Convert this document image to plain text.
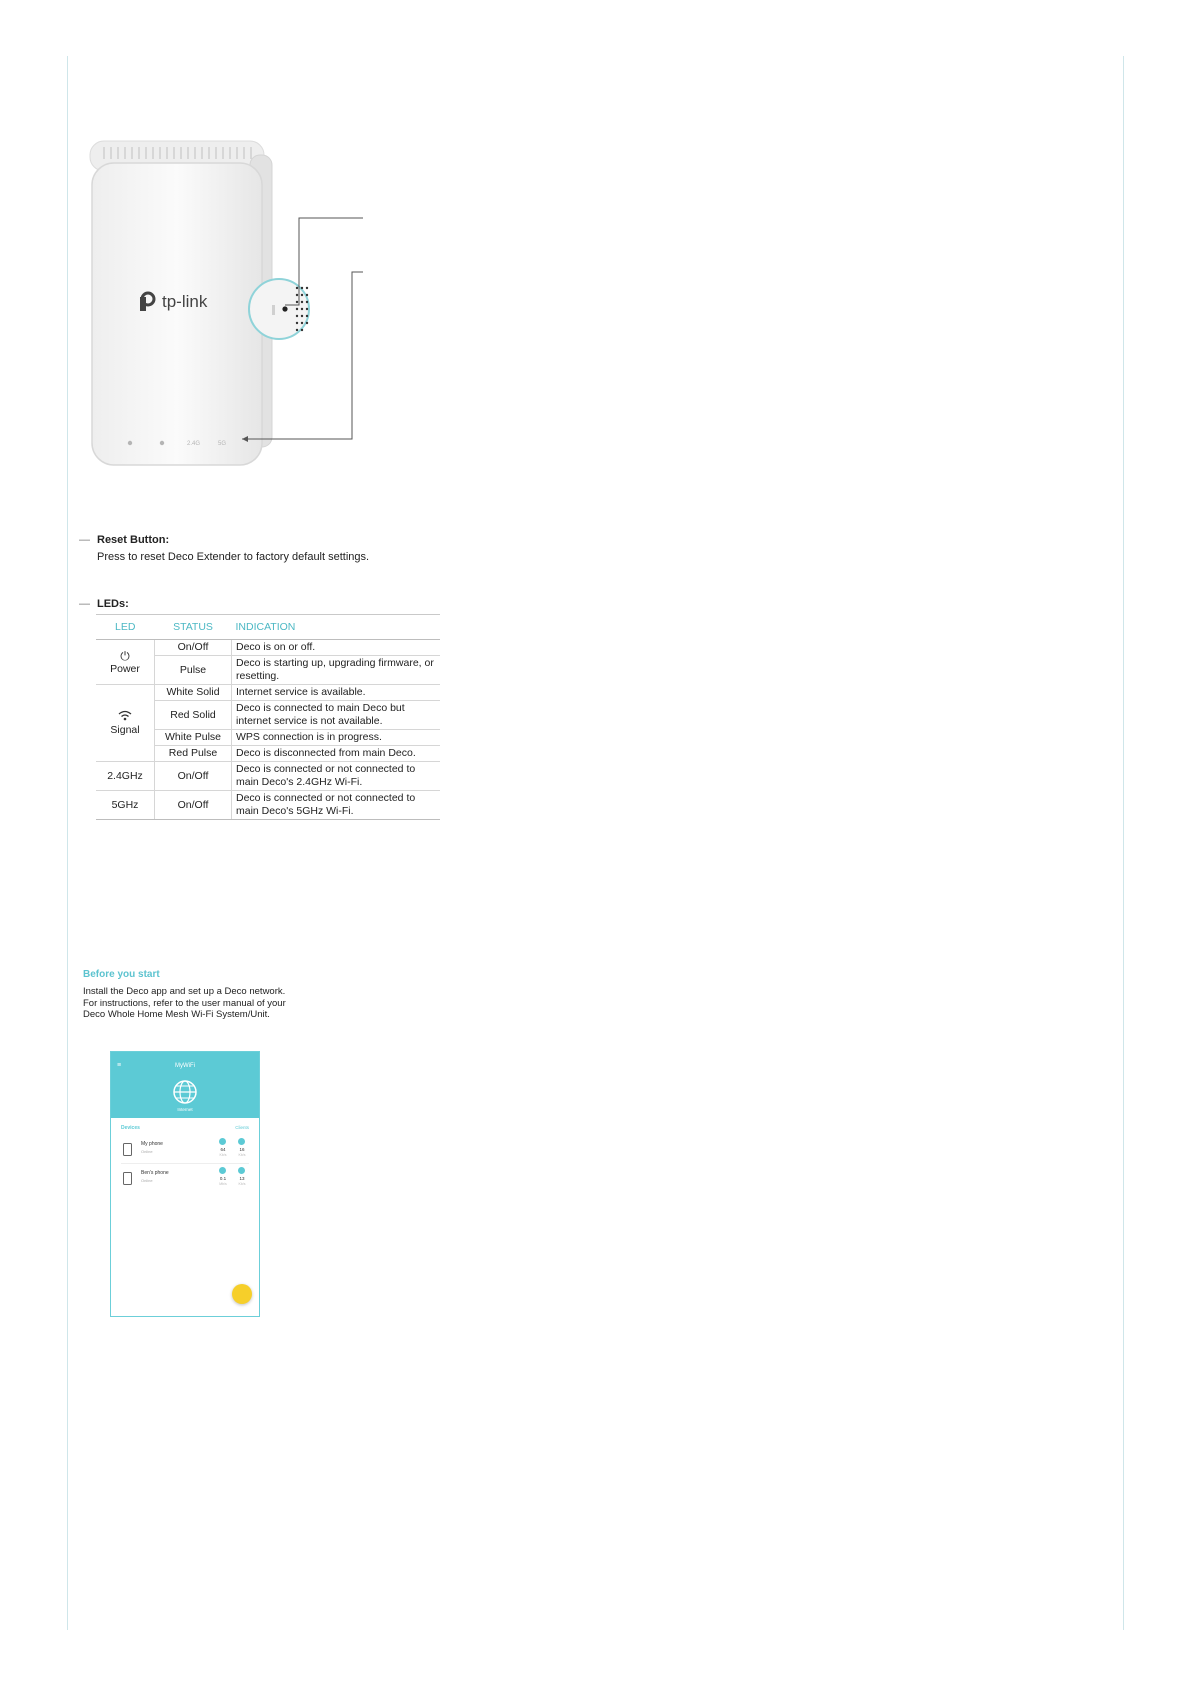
tp-link
2.4G	5G
— Reset Button:
Press to reset Deco Extender to factory default settings.
— LEDs:
LED	STATUS	INDICATION

⏻
Power	On/Off	Deco is on or off.
	Pulse	Deco is starting up, upgrading firmware, or resetting.

Signal	White Solid	Internet service is available.
	Red Solid	Deco is connected to main Deco but internet service is not available.
	White Pulse	WPS connection is in progress.
	Red Pulse	Deco is disconnected from main Deco.
2.4GHz	On/Off	Deco is connected or not connected to main Deco's 2.4GHz Wi-Fi.
5GHz	On/Off	Deco is connected or not connected to main Deco's 5GHz Wi-Fi.
Before you start
Install the Deco app and set up a Deco network. For instructions, refer to the user manual of your Deco Whole Home Mesh Wi-Fi System/Unit.
≡	MyWiFi
Internet
Devices	Clients
My phone
Online	64	16
Kb/s	Kb/s
Ben's phone
Online	0.1	13
Mb/s	Kb/s
